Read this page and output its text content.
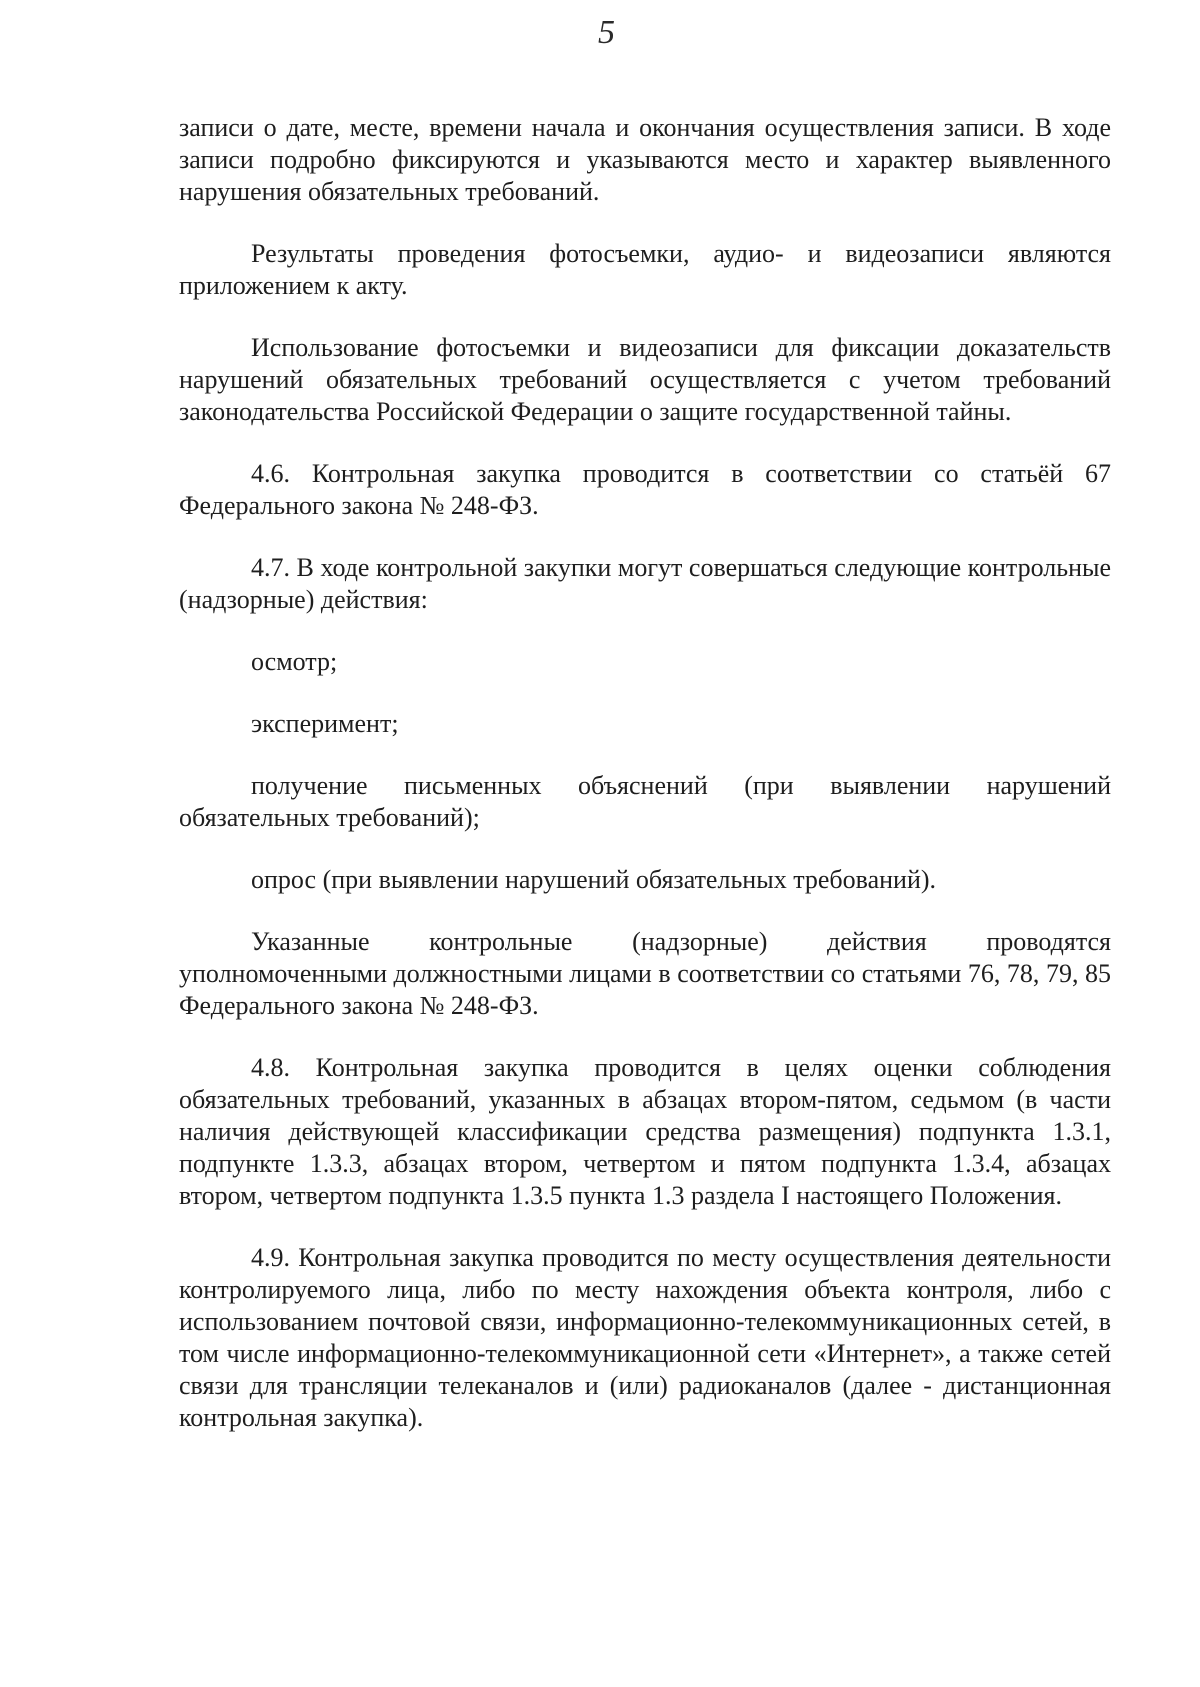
5

записи о дате, месте, времени начала и окончания осуществления записи. В ходе записи подробно фиксируются и указываются место и характер выявленного нарушения обязательных требований.

Результаты проведения фотосъемки, аудио- и видеозаписи являются приложением к акту.

Использование фотосъемки и видеозаписи для фиксации доказательств нарушений обязательных требований осуществляется с учетом требований законодательства Российской Федерации о защите государственной тайны.

4.6. Контрольная закупка проводится в соответствии со статьёй 67 Федерального закона № 248-ФЗ.

4.7. В ходе контрольной закупки могут совершаться следующие контрольные (надзорные) действия:

осмотр;

эксперимент;

получение письменных объяснений (при выявлении нарушений обязательных требований);

опрос (при выявлении нарушений обязательных требований).

Указанные контрольные (надзорные) действия проводятся уполномоченными должностными лицами в соответствии со статьями 76, 78, 79, 85 Федерального закона № 248-ФЗ.

4.8. Контрольная закупка проводится в целях оценки соблюдения обязательных требований, указанных в абзацах втором-пятом, седьмом (в части наличия действующей классификации средства размещения) подпункта 1.3.1, подпункте 1.3.3, абзацах втором, четвертом и пятом подпункта 1.3.4, абзацах втором, четвертом подпункта 1.3.5 пункта 1.3 раздела I настоящего Положения.

4.9. Контрольная закупка проводится по месту осуществления деятельности контролируемого лица, либо по месту нахождения объекта контроля, либо с использованием почтовой связи, информационно-телекоммуникационных сетей, в том числе информационно-телекоммуникационной сети «Интернет», а также сетей связи для трансляции телеканалов и (или) радиоканалов (далее - дистанционная контрольная закупка).
